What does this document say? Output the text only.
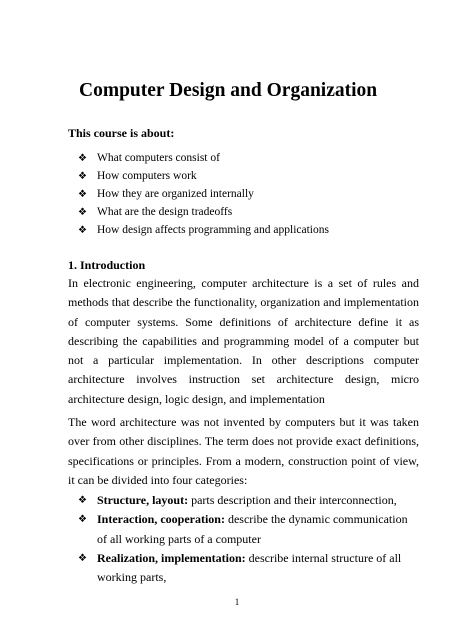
Computer Design and Organization
This course is about:
❖ What computers consist of
❖ How computers work
❖ How they are organized internally
❖ What are the design tradeoffs
❖ How design affects programming and applications
1. Introduction

In electronic engineering, computer architecture is a set of rules and methods that describe the functionality, organization and implementation of computer systems. Some definitions of architecture define it as describing the capabilities and programming model of a computer but not a particular implementation. In other descriptions computer architecture involves instruction set architecture design, micro architecture design, logic design, and implementation

The word architecture was not invented by computers but it was taken over from other disciplines. The term does not provide exact definitions, specifications or principles. From a modern, construction point of view, it can be divided into four categories:

❖ Structure, layout: parts description and their interconnection,
❖ Interaction, cooperation: describe the dynamic communication of all working parts of a computer
❖ Realization, implementation: describe internal structure of all working parts,
1
